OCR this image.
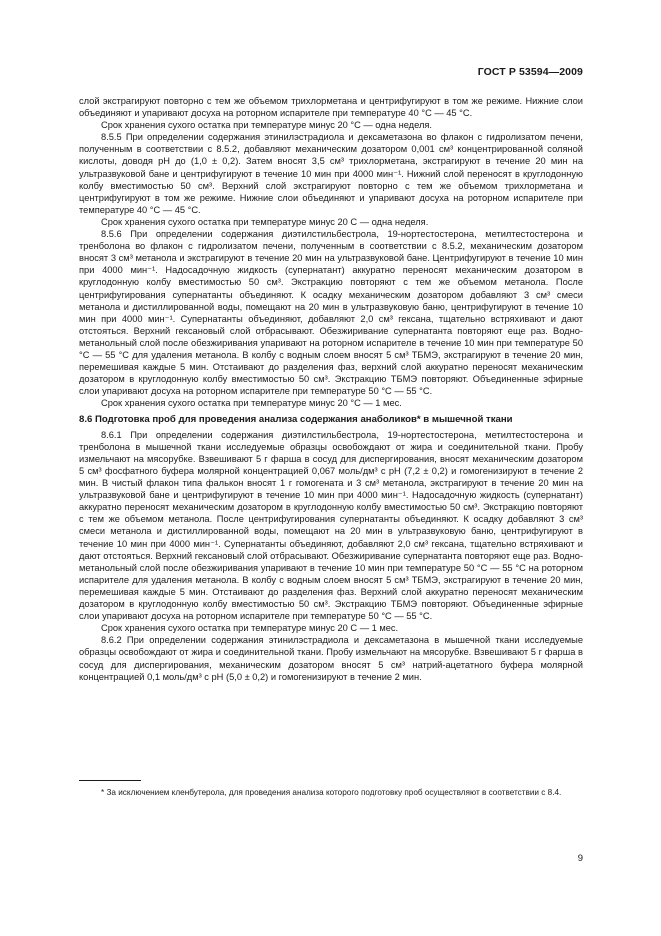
ГОСТ Р 53594—2009

слой экстрагируют повторно с тем же объемом трихлорметана и центрифугируют в том же режиме. Нижние слои объединяют и упаривают досуха на роторном испарителе при температуре 40 °С — 45 °С.

Срок хранения сухого остатка при температуре минус 20 °С — одна неделя.

8.5.5 При определении содержания этинилэстрадиола и дексаметазона во флакон с гидролизатом печени, полученным в соответствии с 8.5.2, добавляют механическим дозатором 0,001 см³ концентрированной соляной кислоты, доводя рН до (1,0 ± 0,2). Затем вносят 3,5 см³ трихлорметана, экстрагируют в течение 20 мин на ультразвуковой бане и центрифугируют в течение 10 мин при 4000 мин⁻¹. Нижний слой переносят в круглодонную колбу вместимостью 50 см³. Верхний слой экстрагируют повторно с тем же объемом трихлорметана и центрифугируют в том же режиме. Нижние слои объединяют и упаривают досуха на роторном испарителе при температуре 40 °С — 45 °С.

Срок хранения сухого остатка при температуре минус 20 С — одна неделя.

8.5.6 При определении содержания диэтилстильбестрола, 19-нортестостерона, метилтестостерона и тренболона во флакон с гидролизатом печени, полученным в соответствии с 8.5.2, механическим дозатором вносят 3 см³ метанола и экстрагируют в течение 20 мин на ультразвуковой бане. Центрифугируют в течение 10 мин при 4000 мин⁻¹. Надосадочную жидкость (супернатант) аккуратно переносят механическим дозатором в круглодонную колбу вместимостью 50 см³. Экстракцию повторяют с тем же объемом метанола. После центрифугирования супернатанты объединяют. К осадку механическим дозатором добавляют 3 см³ смеси метанола и дистиллированной воды, помещают на 20 мин в ультразвуковую баню, центрифугируют в течение 10 мин при 4000 мин⁻¹. Супернатанты объединяют, добавляют 2,0 см³ гексана, тщательно встряхивают и дают отстояться. Верхний гексановый слой отбрасывают. Обезжиривание супернатанта повторяют еще раз. Водно-метанольный слой после обезжиривания упаривают на роторном испарителе в течение 10 мин при температуре 50 °С — 55 °С для удаления метанола. В колбу с водным слоем вносят 5 см³ ТБМЭ, экстрагируют в течение 20 мин, перемешивая каждые 5 мин. Отстаивают до разделения фаз, верхний слой аккуратно переносят механическим дозатором в круглодонную колбу вместимостью 50 см³. Экстракцию ТБМЭ повторяют. Объединенные эфирные слои упаривают досуха на роторном испарителе при температуре 50 °С — 55 °С.

Срок хранения сухого остатка при температуре минус 20 °С — 1 мес.

8.6 Подготовка проб для проведения анализа содержания анаболиков* в мышечной ткани

8.6.1 При определении содержания диэтилстильбестрола, 19-нортестостерона, метилтестостерона и тренболона в мышечной ткани исследуемые образцы освобождают от жира и соединительной ткани. Пробу измельчают на мясорубке. Взвешивают 5 г фарша в сосуд для диспергирования, вносят механическим дозатором 5 см³ фосфатного буфера молярной концентрацией 0,067 моль/дм³ с рН (7,2 ± 0,2) и гомогенизируют в течение 2 мин. В чистый флакон типа фалькон вносят 1 г гомогената и 3 см³ метанола, экстрагируют в течение 20 мин на ультразвуковой бане и центрифугируют в течение 10 мин при 4000 мин⁻¹. Надосадочную жидкость (супернатант) аккуратно переносят механическим дозатором в круглодонную колбу вместимостью 50 см³. Экстракцию повторяют с тем же объемом метанола. После центрифугирования супернатанты объединяют. К осадку добавляют 3 см³ смеси метанола и дистиллированной воды, помещают на 20 мин в ультразвуковую баню, центрифугируют в течение 10 мин при 4000 мин⁻¹. Супернатанты объединяют, добавляют 2,0 см³ гексана, тщательно встряхивают и дают отстояться. Верхний гексановый слой отбрасывают. Обезжиривание супернатанта повторяют еще раз. Водно-метанольный слой после обезжиривания упаривают в течение 10 мин при температуре 50 °С — 55 °С на роторном испарителе для удаления метанола. В колбу с водным слоем вносят 5 см³ ТБМЭ, экстрагируют в течение 20 мин, перемешивая каждые 5 мин. Отстаивают до разделения фаз. Верхний слой аккуратно переносят механическим дозатором в круглодонную колбу вместимостью 50 см³. Экстракцию ТБМЭ повторяют. Объединенные эфирные слои упаривают досуха на роторном испарителе при температуре 50 °С — 55 °С.

Срок хранения сухого остатка при температуре минус 20 С — 1 мес.

8.6.2 При определении содержания этинилэстрадиола и дексаметазона в мышечной ткани исследуемые образцы освобождают от жира и соединительной ткани. Пробу измельчают на мясорубке. Взвешивают 5 г фарша в сосуд для диспергирования, механическим дозатором вносят 5 см³ натрий-ацетатного буфера молярной концентрацией 0,1 моль/дм³ с рН (5,0 ± 0,2) и гомогенизируют в течение 2 мин.

* За исключением кленбутерола, для проведения анализа которого подготовку проб осуществляют в соответствии с 8.4.

9
